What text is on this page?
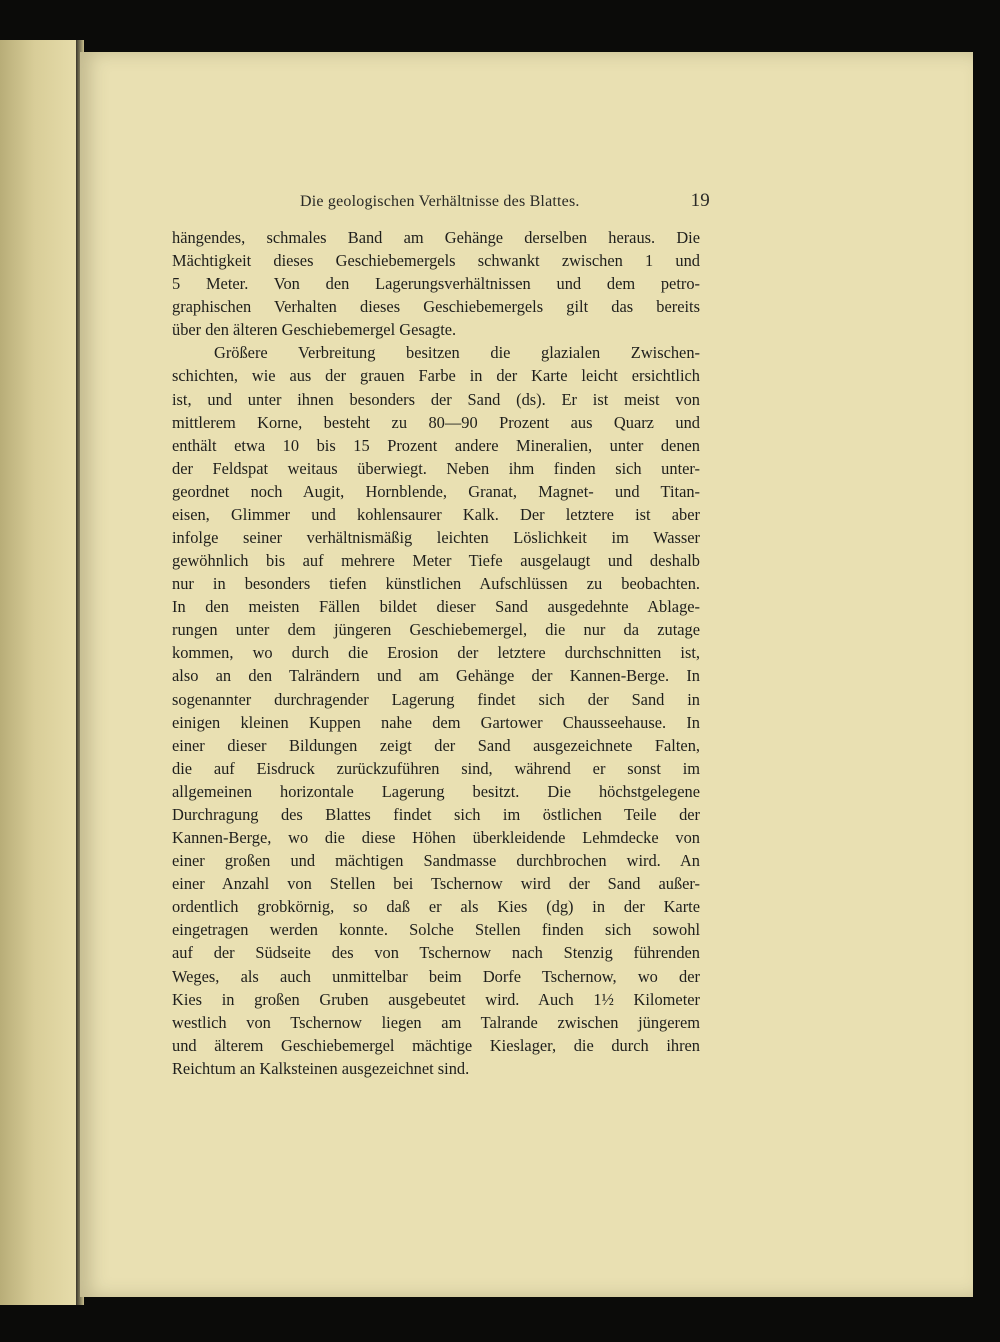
Die geologischen Verhältnisse des Blattes.	19
hängendes, schmales Band am Gehänge derselben heraus. Die
Mächtigkeit dieses Geschiebemergels schwankt zwischen 1 und
5 Meter. Von den Lagerungsverhältnissen und dem petro-
graphischen Verhalten dieses Geschiebemergels gilt das bereits
über den älteren Geschiebemergel Gesagte.
Größere Verbreitung besitzen die glazialen Zwischen-
schichten, wie aus der grauen Farbe in der Karte leicht ersichtlich
ist, und unter ihnen besonders der Sand (ds). Er ist meist von
mittlerem Korne, besteht zu 80—90 Prozent aus Quarz und
enthält etwa 10 bis 15 Prozent andere Mineralien, unter denen
der Feldspat weitaus überwiegt. Neben ihm finden sich unter-
geordnet noch Augit, Hornblende, Granat, Magnet- und Titan-
eisen, Glimmer und kohlensaurer Kalk. Der letztere ist aber
infolge seiner verhältnismäßig leichten Löslichkeit im Wasser
gewöhnlich bis auf mehrere Meter Tiefe ausgelaugt und deshalb
nur in besonders tiefen künstlichen Aufschlüssen zu beobachten.
In den meisten Fällen bildet dieser Sand ausgedehnte Ablage-
rungen unter dem jüngeren Geschiebemergel, die nur da zutage
kommen, wo durch die Erosion der letztere durchschnitten ist,
also an den Talrändern und am Gehänge der Kannen-Berge. In
sogenannter durchragender Lagerung findet sich der Sand in
einigen kleinen Kuppen nahe dem Gartower Chausseehause. In
einer dieser Bildungen zeigt der Sand ausgezeichnete Falten,
die auf Eisdruck zurückzuführen sind, während er sonst im
allgemeinen horizontale Lagerung besitzt. Die höchstgelegene
Durchragung des Blattes findet sich im östlichen Teile der
Kannen-Berge, wo die diese Höhen überkleidende Lehmdecke von
einer großen und mächtigen Sandmasse durchbrochen wird. An
einer Anzahl von Stellen bei Tschernow wird der Sand außer-
ordentlich grobkörnig, so daß er als Kies (dg) in der Karte
eingetragen werden konnte. Solche Stellen finden sich sowohl
auf der Südseite des von Tschernow nach Stenzig führenden
Weges, als auch unmittelbar beim Dorfe Tschernow, wo der
Kies in großen Gruben ausgebeutet wird. Auch 1½ Kilometer
westlich von Tschernow liegen am Talrande zwischen jüngerem
und älterem Geschiebemergel mächtige Kieslager, die durch ihren
Reichtum an Kalksteinen ausgezeichnet sind.
